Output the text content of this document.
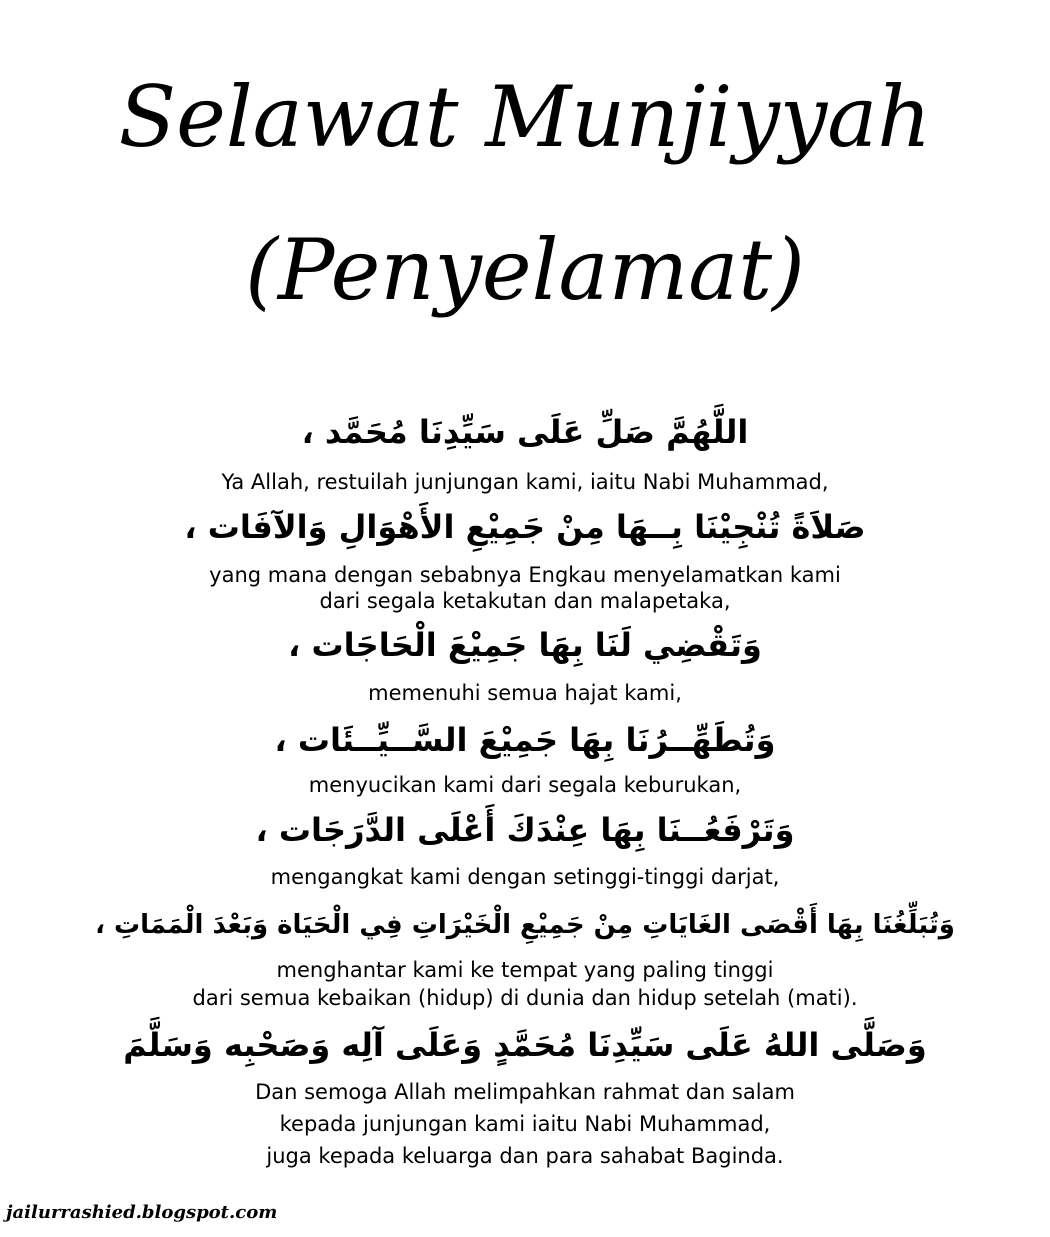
Selawat Munjiyyah
(Penyelamat)
اللَّهُمَّ صَلِّ عَلَى سَيِّدِنَا مُحَمَّد ،
Ya Allah, restuilah junjungan kami, iaitu Nabi Muhammad,
صَلاَةً تُنْجِيْنَا بِــهَا مِنْ جَمِيْعِ الأَهْوَالِ وَالآفَات ،
yang mana dengan sebabnya Engkau menyelamatkan kami
dari segala ketakutan dan malapetaka,
وَتَقْضِي لَنَا بِهَا جَمِيْعَ الْحَاجَات ،
memenuhi semua hajat kami,
وَتُطَهِّــرُنَا بِهَا جَمِيْعَ السَّــيِّــئَات ،
menyucikan kami dari segala keburukan,
وَتَرْفَعُــنَا بِهَا عِنْدَكَ أَعْلَى الدَّرَجَات ،
mengangkat kami dengan setinggi-tinggi darjat,
وَتُبَلِّغُنَا بِهَا أَقْصَى الغَايَاتِ مِنْ جَمِيْعِ الْخَيْرَاتِ فِي الْحَيَاة وَبَعْدَ الْمَمَاتِ ،
menghantar kami ke tempat yang paling tinggi
dari semua kebaikan (hidup) di dunia dan hidup setelah (mati).
وَصَلَّى اللهُ عَلَى سَيِّدِنَا مُحَمَّدٍ وَعَلَى آلِه وَصَحْبِه وَسَلَّمَ
Dan semoga Allah melimpahkan rahmat dan salam
kepada junjungan kami iaitu Nabi Muhammad,
juga kepada keluarga dan para sahabat Baginda.
jailurrashied.blogspot.com
